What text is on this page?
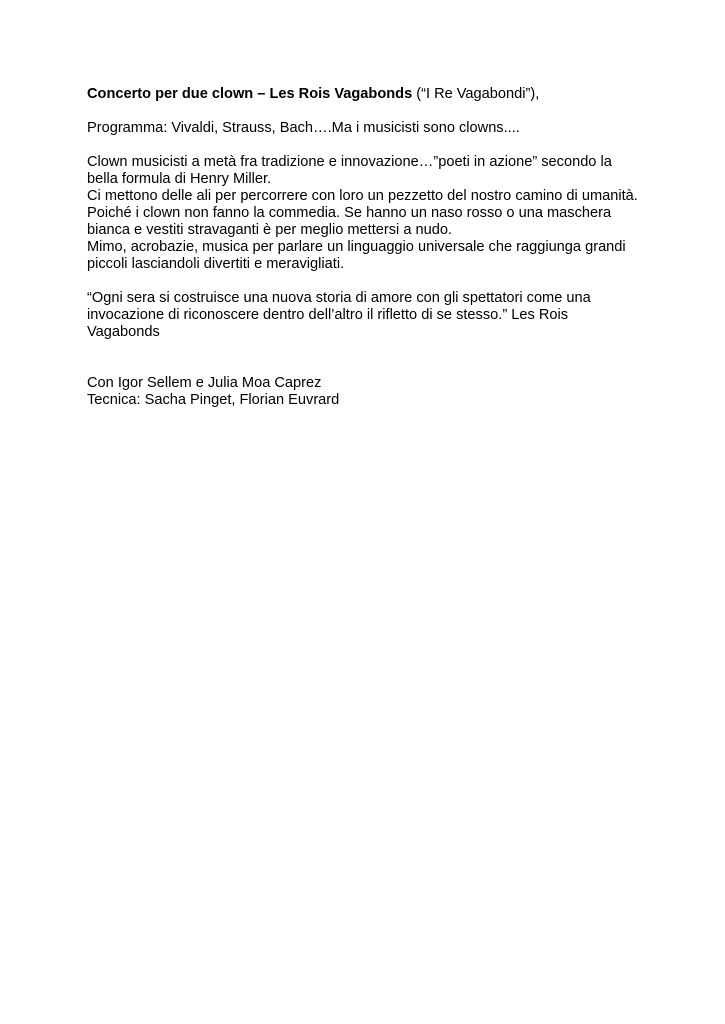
Concerto per due clown – Les Rois Vagabonds (“I Re Vagabondi”),
Programma: Vivaldi, Strauss, Bach….Ma i musicisti sono clowns....
Clown musicisti a metà fra tradizione e innovazione…”poeti in azione” secondo la
bella formula di Henry Miller.
Ci mettono delle ali per percorrere con loro un pezzetto del nostro camino di umanità.
Poiché i clown non fanno la commedia. Se hanno un naso rosso o una maschera
bianca e vestiti stravaganti è per meglio mettersi a nudo.
Mimo, acrobazie, musica per parlare un linguaggio universale che raggiunga grandi
piccoli lasciandoli divertiti e meravigliati.
“Ogni sera si costruisce una nuova storia di amore con gli spettatori come una
invocazione di riconoscere dentro dell’altro il rifletto di se stesso.” Les Rois
Vagabonds
Con Igor Sellem e Julia Moa Caprez
Tecnica: Sacha Pinget, Florian Euvrard
